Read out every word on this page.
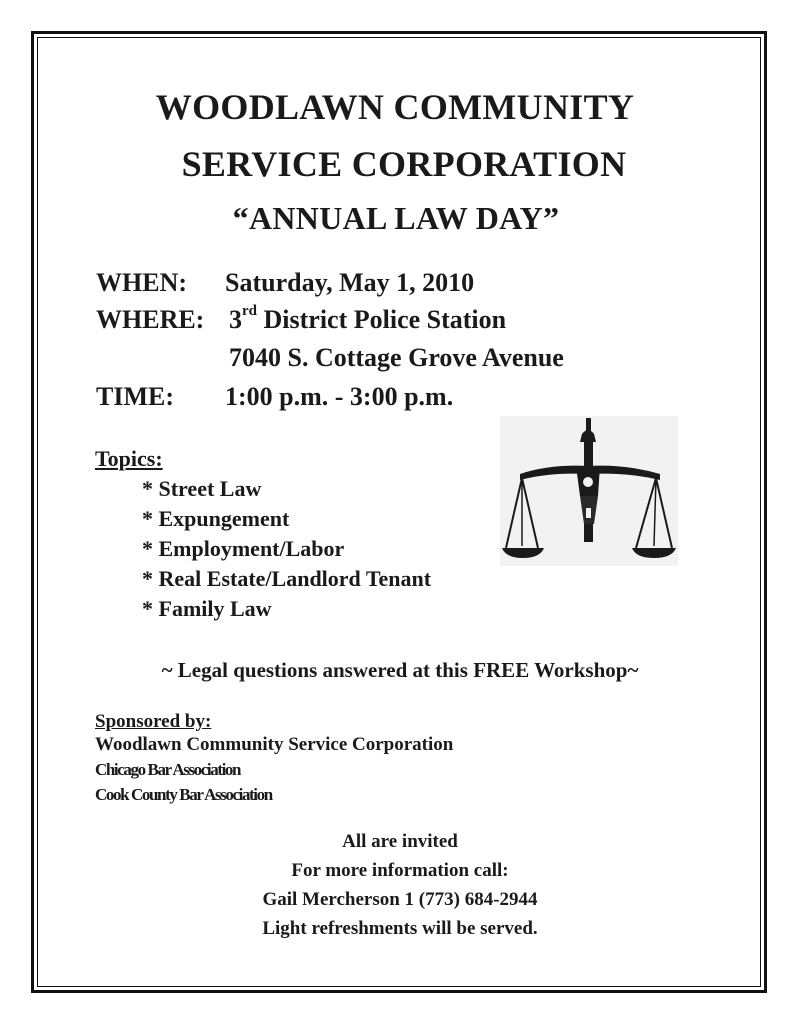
WOODLAWN COMMUNITY
SERVICE CORPORATION
“ANNUAL LAW DAY”
WHEN: Saturday, May 1, 2010
WHERE: 3rd District Police Station
7040 S. Cottage Grove Avenue
TIME: 1:00 p.m. - 3:00 p.m.
Topics:
* Street Law
* Expungement
* Employment/Labor
* Real Estate/Landlord Tenant
* Family Law
~ Legal questions answered at this FREE Workshop~
Sponsored by:
Woodlawn Community Service Corporation
Chicago Bar Association
Cook County Bar Association
All are invited
For more information call:
Gail Mercherson 1 (773) 684-2944
Light refreshments will be served.
